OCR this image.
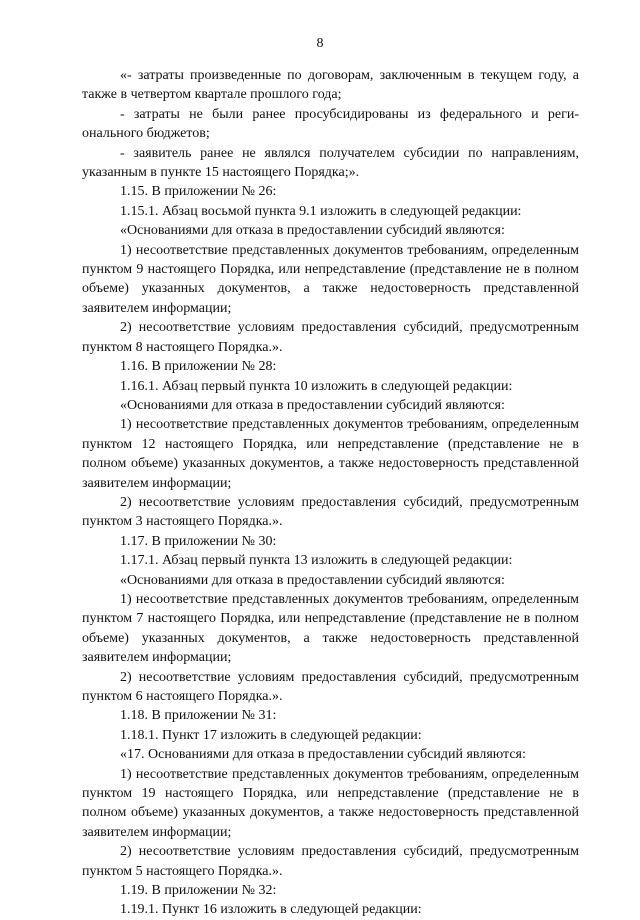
8

«- затраты произведенные по договорам, заключенным в текущем году, а также в четвертом квартале прошлого года;

- затраты не были ранее просубсидированы из федерального и регионального бюджетов;

- заявитель ранее не являлся получателем субсидии по направлениям, указанным в пункте 15 настоящего Порядка;».

1.15. В приложении № 26:

1.15.1. Абзац восьмой пункта 9.1 изложить в следующей редакции:

«Основаниями для отказа в предоставлении субсидий являются:

1) несоответствие представленных документов требованиям, определенным пунктом 9 настоящего Порядка, или непредставление (представление не в полном объеме) указанных документов, а также недостоверность представленной заявителем информации;

2) несоответствие условиям предоставления субсидий, предусмотренным пунктом 8 настоящего Порядка.».

1.16. В приложении № 28:

1.16.1. Абзац первый пункта 10 изложить в следующей редакции:

«Основаниями для отказа в предоставлении субсидий являются:

1) несоответствие представленных документов требованиям, определенным пунктом 12 настоящего Порядка, или непредставление (представление не в полном объеме) указанных документов, а также недостоверность представленной заявителем информации;

2) несоответствие условиям предоставления субсидий, предусмотренным пунктом 3 настоящего Порядка.».

1.17. В приложении № 30:

1.17.1. Абзац первый пункта 13 изложить в следующей редакции:

«Основаниями для отказа в предоставлении субсидий являются:

1) несоответствие представленных документов требованиям, определенным пунктом 7 настоящего Порядка, или непредставление (представление не в полном объеме) указанных документов, а также недостоверность представленной заявителем информации;

2) несоответствие условиям предоставления субсидий, предусмотренным пунктом 6 настоящего Порядка.».

1.18. В приложении № 31:

1.18.1. Пункт 17 изложить в следующей редакции:

«17. Основаниями для отказа в предоставлении субсидий являются:

1) несоответствие представленных документов требованиям, определенным пунктом 19 настоящего Порядка, или непредставление (представление не в полном объеме) указанных документов, а также недостоверность представленной заявителем информации;

2) несоответствие условиям предоставления субсидий, предусмотренным пунктом 5 настоящего Порядка.».

1.19. В приложении № 32:

1.19.1. Пункт 16 изложить в следующей редакции:
